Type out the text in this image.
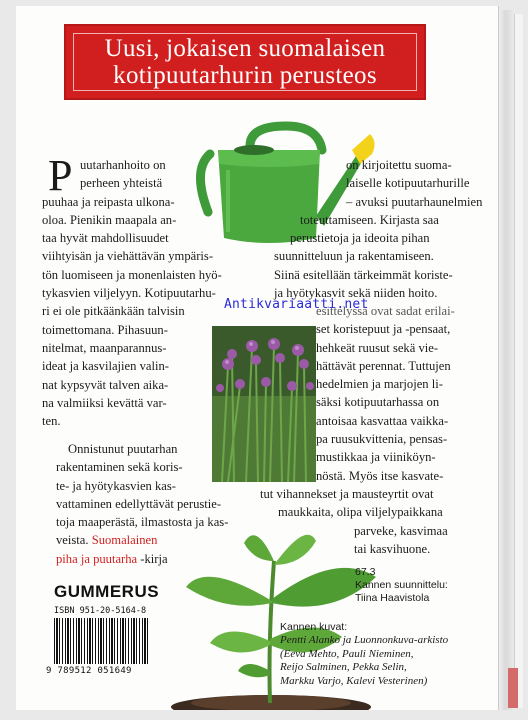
Uusi, jokaisen suomalaisen
kotipuutarhurin perusteos
P uutarhanhoito on
perheen yhteistä
puuhaa ja reipasta ulkona-
oloa. Pienikin maapala an-
taa hyvät mahdollisuudet
viihtyisän ja viehättävän ympäris-
tön luomiseen ja monenlaisten hyö-
tykasvien viljelyyn. Kotipuutarhu-
ri ei ole pitkäänkään talvisin
toimettomana. Pihasuun-
nitelmat, maanparannus-
ideat ja kasvilajien valin-
nat kypsyvät talven aika-
na valmiiksi kevättä var-
ten.
Onnistunut puutarhan
rakentaminen sekä koris-
te- ja hyötykasvien kas-
vattaminen edellyttävät perustie-
toja maaperästä, ilmastosta ja kas-
veista. Suomalainen
piha ja puutarha -kirja
on kirjoitettu suoma-
laiselle kotipuutarhurille
– avuksi puutarhaunelmien
toteuttamiseen. Kirjasta saa
perustietoja ja ideoita pihan
suunnitteluun ja rakentamiseen.
Siinä esitellään tärkeimmät koriste-
ja hyötykasvit sekä niiden hoito.
set koristepuut ja -pensaat,
hehkeät ruusut sekä vie-
hättävät perennat. Tuttujen
hedelmien ja marjojen li-
säksi kotipuutarhassa on
antoisaa kasvattaa vaikka-
pa ruusukvittenia, pensas-
mustikkaa ja viiniköyn-
nöstä. Myös itse kasvate-
tut vihannekset ja mausteyrtit ovat
maukkaita, olipa viljelypaikkana
parveke, kasvimaa
tai kasvihuone.
esittelyssä ovat sadat erilai-
Antikvariaatti.net
67.3
Kannen suunnittelu:
Tiina Haavistola
Kannen kuvat:
Pentti Alanko ja Luonnonkuva-arkisto
(Eeva Mehto, Pauli Nieminen,
Reijo Salminen, Pekka Selin,
Markku Varjo, Kalevi Vesterinen)
GUMMERUS
ISBN 951-20-5164-8
9 789512 051649
